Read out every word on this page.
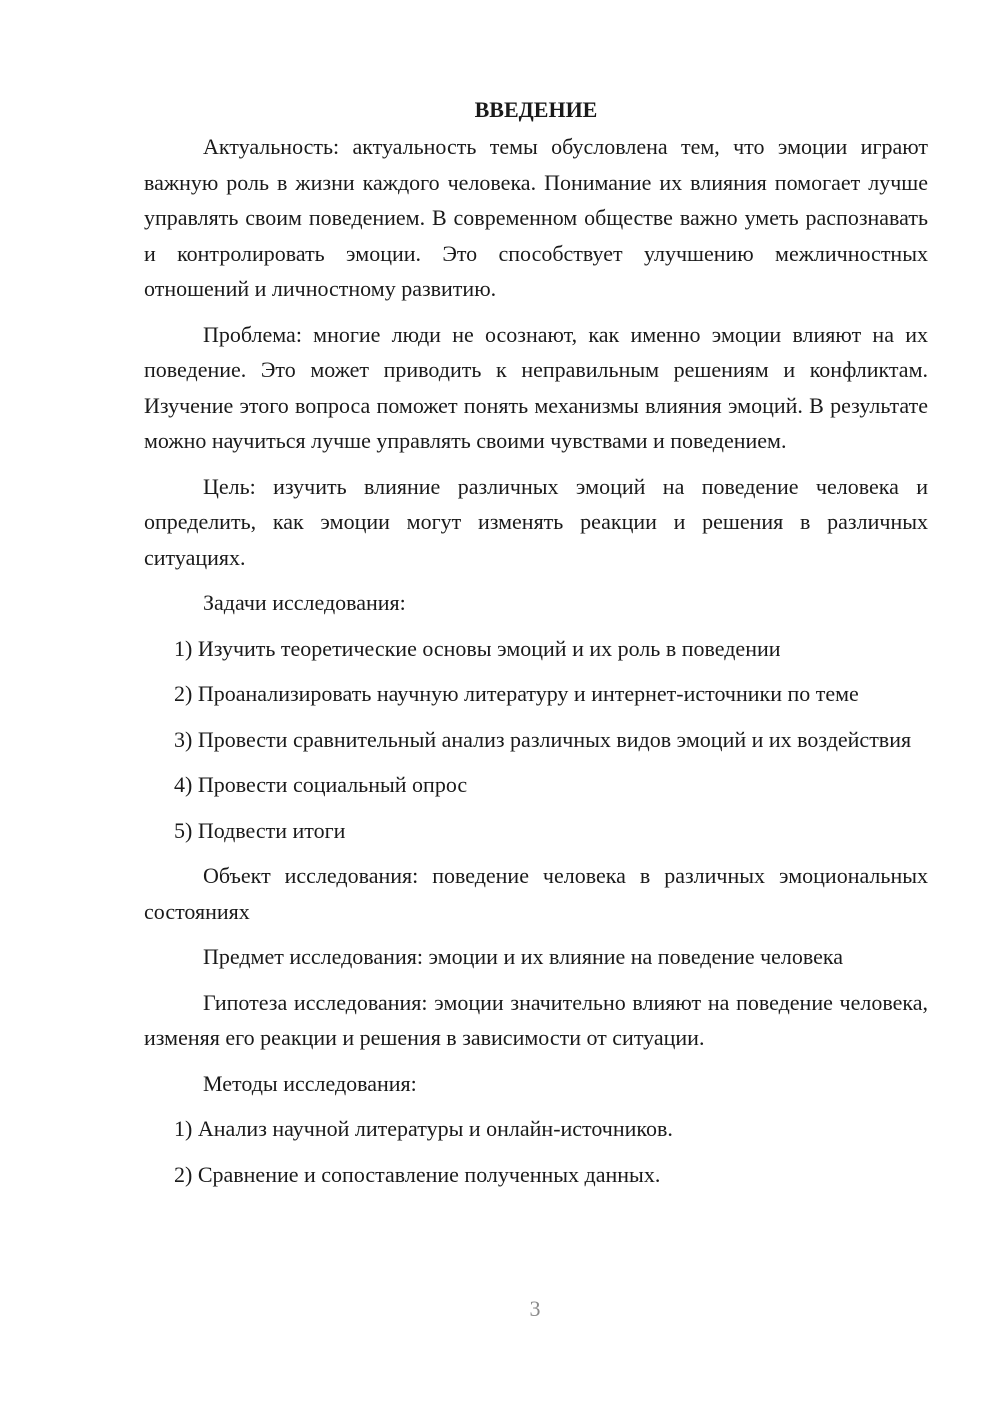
ВВЕДЕНИЕ

Актуальность: актуальность темы обусловлена тем, что эмоции играют важную роль в жизни каждого человека. Понимание их влияния помогает лучше управлять своим поведением. В современном обществе важно уметь распознавать и контролировать эмоции. Это способствует улучшению межличностных отношений и личностному развитию.

Проблема: многие люди не осознают, как именно эмоции влияют на их поведение. Это может приводить к неправильным решениям и конфликтам. Изучение этого вопроса поможет понять механизмы влияния эмоций. В результате можно научиться лучше управлять своими чувствами и поведением.

Цель: изучить влияние различных эмоций на поведение человека и определить, как эмоции могут изменять реакции и решения в различных ситуациях.

Задачи исследования:

1) Изучить теоретические основы эмоций и их роль в поведении

2) Проанализировать научную литературу и интернет-источники по теме

3) Провести сравнительный анализ различных видов эмоций и их воздействия

4) Провести социальный опрос

5) Подвести итоги

Объект исследования: поведение человека в различных эмоциональных состояниях

Предмет исследования: эмоции и их влияние на поведение человека

Гипотеза исследования: эмоции значительно влияют на поведение человека, изменяя его реакции и решения в зависимости от ситуации.

Методы исследования:

1) Анализ научной литературы и онлайн-источников.

2) Сравнение и сопоставление полученных данных.

3
